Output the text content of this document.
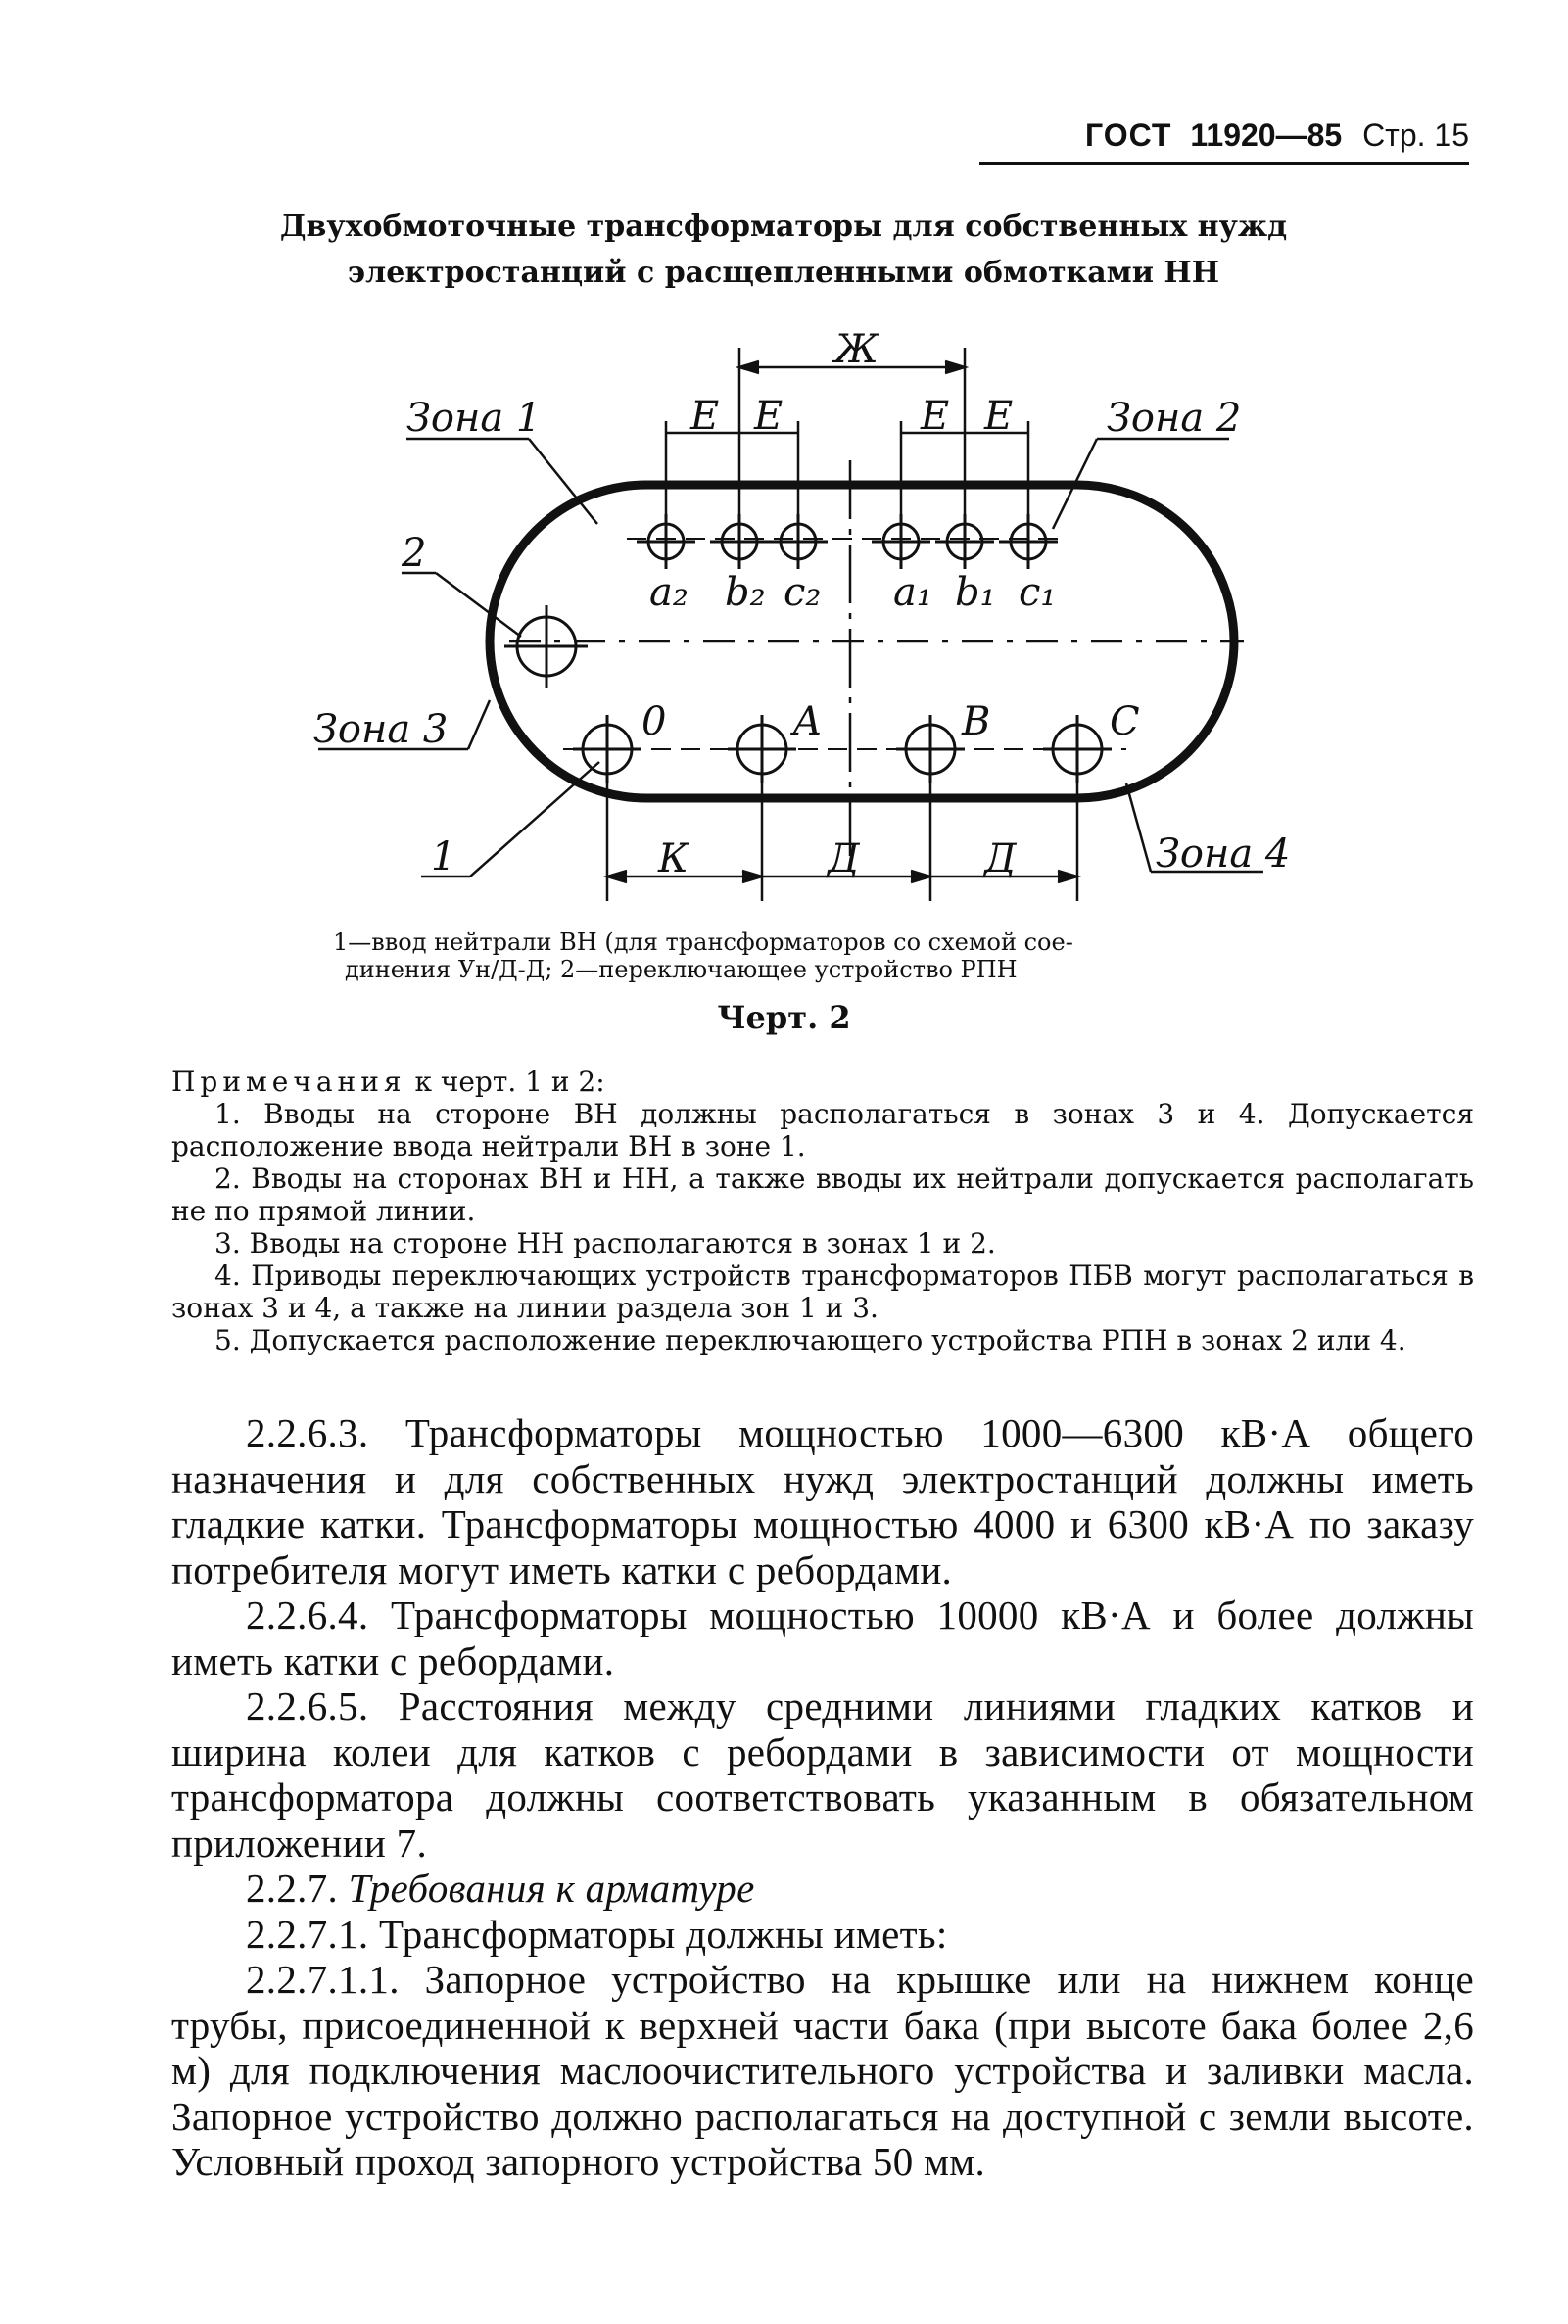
ГОСТ 11920—85 Стр. 15
Двухобмоточные трансформаторы для собственных нужд
электростанций с расщепленными обмотками НН
Ж
Е Е	Е Е
К	Д	Д
Зона 1	Зона 2
Зона 3
Зона 4
2
1
a₂ b₂ c₂ a₁ b₁ c₁
0	A	B	C
1—ввод нейтрали ВН (для трансформаторов со схемой сое-
динения Ун/Д-Д; 2—переключающее устройство РПН
Черт. 2
Примечания к черт. 1 и 2:

1. Вводы на стороне ВН должны располагаться в зонах 3 и 4. Допускается расположение ввода нейтрали ВН в зоне 1.

2. Вводы на сторонах ВН и НН, а также вводы их нейтрали допускается располагать не по прямой линии.

3. Вводы на стороне НН располагаются в зонах 1 и 2.

4. Приводы переключающих устройств трансформаторов ПБВ могут располагаться в зонах 3 и 4, а также на линии раздела зон 1 и 3.

5. Допускается расположение переключающего устройства РПН в зонах 2 или 4.

2.2.6.3. Трансформаторы мощностью 1000—6300 кВ·А общего назначения и для собственных нужд электростанций должны иметь гладкие катки. Трансформаторы мощностью 4000 и 6300 кВ·А по заказу потребителя могут иметь катки с ребордами.

2.2.6.4. Трансформаторы мощностью 10000 кВ·А и более должны иметь катки с ребордами.

2.2.6.5. Расстояния между средними линиями гладких катков и ширина колеи для катков с ребордами в зависимости от мощности трансформатора должны соответствовать указанным в обязательном приложении 7.

2.2.7. Требования к арматуре

2.2.7.1. Трансформаторы должны иметь:

2.2.7.1.1. Запорное устройство на крышке или на нижнем конце трубы, присоединенной к верхней части бака (при высоте бака более 2,6 м) для подключения маслоочистительного устройства и заливки масла. Запорное устройство должно располагаться на доступной с земли высоте. Условный проход запорного устройства 50 мм.
